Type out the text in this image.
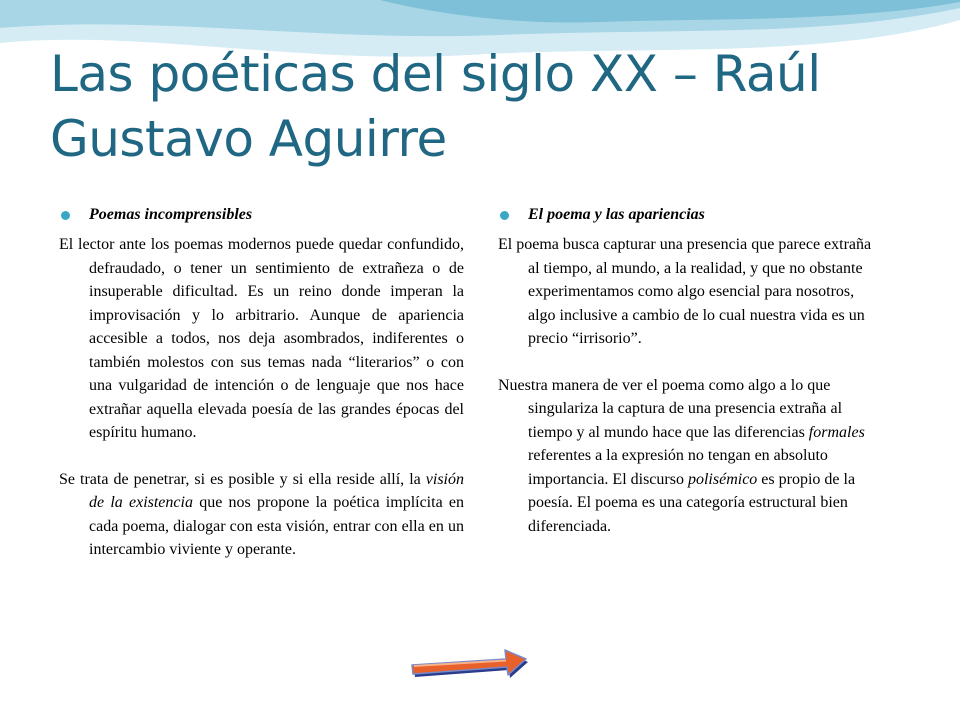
Las poéticas del siglo XX – Raúl Gustavo Aguirre
Poemas incomprensibles

El lector ante los poemas modernos puede quedar confundido, defraudado, o tener un sentimiento de extrañeza o de insuperable dificultad. Es un reino donde imperan la improvisación y lo arbitrario. Aunque de apariencia accesible a todos, nos deja asombrados, indiferentes o también molestos con sus temas nada “literarios” o con una vulgaridad de intención o de lenguaje que nos hace extrañar aquella elevada poesía de las grandes épocas del espíritu humano.

Se trata de penetrar, si es posible y si ella reside allí, la visión de la existencia que nos propone la poética implícita en cada poema, dialogar con esta visión, entrar con ella en un intercambio viviente y operante.

El poema y las apariencias

El poema busca capturar una presencia que parece extraña al tiempo, al mundo, a la realidad, y que no obstante experimentamos como algo esencial para nosotros, algo inclusive a cambio de lo cual nuestra vida es un precio “irrisorio”.

Nuestra manera de ver el poema como algo a lo que singulariza la captura de una presencia extraña al tiempo y al mundo hace que las diferencias formales referentes a la expresión no tengan en absoluto importancia. El discurso polisémico es propio de la poesía. El poema es una categoría estructural bien diferenciada.
